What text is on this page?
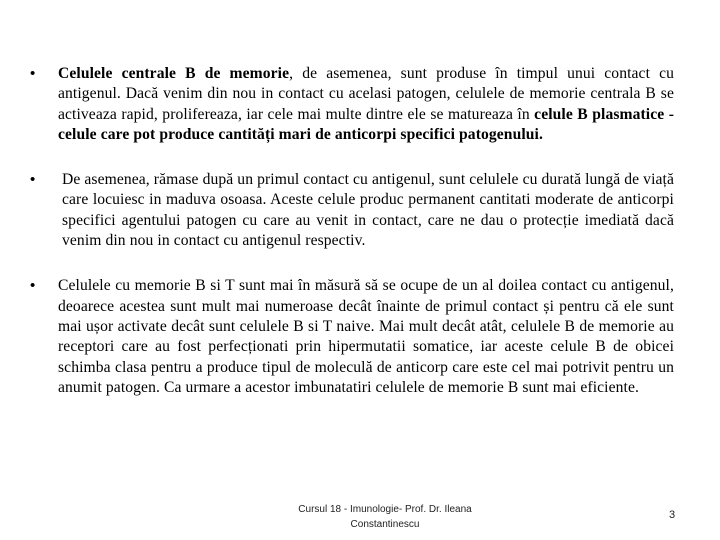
• Celulele centrale B de memorie, de asemenea, sunt produse în timpul unui contact cu antigenul. Dacă venim din nou in contact cu acelasi patogen, celulele de memorie centrala B se activeaza rapid, prolifereaza, iar cele mai multe dintre ele se matureaza în celule B plasmatice - celule care pot produce cantități mari de anticorpi specifici patogenului.
• De asemenea, rămase după un primul contact cu antigenul, sunt celulele cu durată lungă de viață care locuiesc in maduva osoasa. Aceste celule produc permanent cantitati moderate de anticorpi specifici agentului patogen cu care au venit in contact, care ne dau o protecție imediată dacă venim din nou in contact cu antigenul respectiv.
• Celulele cu memorie B si T sunt mai în măsură să se ocupe de un al doilea contact cu antigenul, deoarece acestea sunt mult mai numeroase decât înainte de primul contact și pentru că ele sunt mai ușor activate decât sunt celulele B si T naive. Mai mult decât atât, celulele B de memorie au receptori care au fost perfecționati prin hipermutatii somatice, iar aceste celule B de obicei schimba clasa pentru a produce tipul de moleculă de anticorp care este cel mai potrivit pentru un anumit patogen. Ca urmare a acestor imbunatatiri celulele de memorie B sunt mai eficiente.
Cursul 18 - Imunologie- Prof. Dr. Ileana
Constantinescu
3
